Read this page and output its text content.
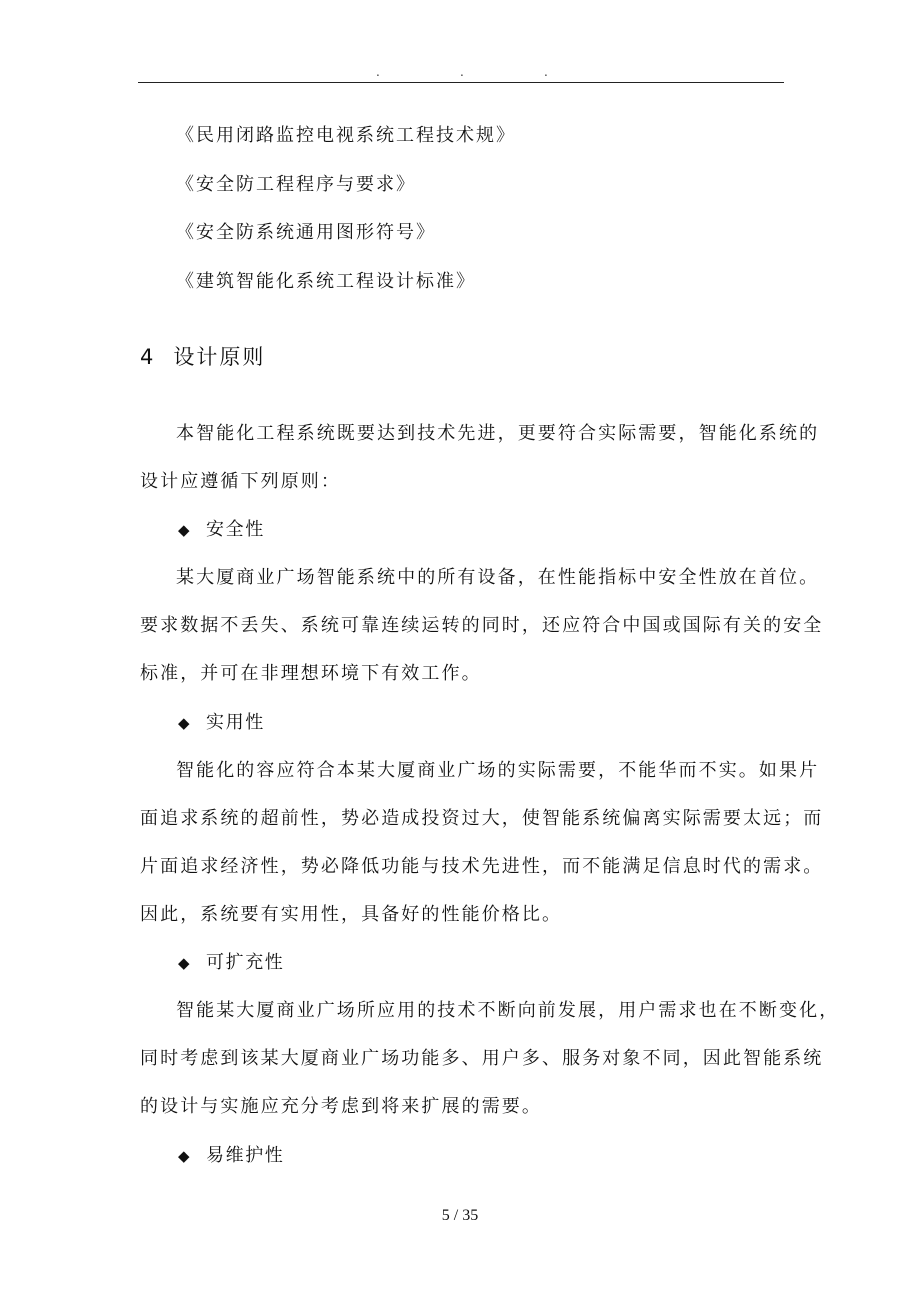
.	.	.
《民用闭路监控电视系统工程技术规》
《安全防工程程序与要求》
《安全防系统通用图形符号》
《建筑智能化系统工程设计标准》
4 设计原则
本智能化工程系统既要达到技术先进，更要符合实际需要，智能化系统的
设计应遵循下列原则：
◆ 安全性
某大厦商业广场智能系统中的所有设备，在性能指标中安全性放在首位。
要求数据不丢失、系统可靠连续运转的同时，还应符合中国或国际有关的安全
标准，并可在非理想环境下有效工作。
◆ 实用性
智能化的容应符合本某大厦商业广场的实际需要，不能华而不实。如果片
面追求系统的超前性，势必造成投资过大，使智能系统偏离实际需要太远；而
片面追求经济性，势必降低功能与技术先进性，而不能满足信息时代的需求。
因此，系统要有实用性，具备好的性能价格比。
◆ 可扩充性
智能某大厦商业广场所应用的技术不断向前发展，用户需求也在不断变化，
同时考虑到该某大厦商业广场功能多、用户多、服务对象不同，因此智能系统
的设计与实施应充分考虑到将来扩展的需要。
◆ 易维护性
5 / 35
